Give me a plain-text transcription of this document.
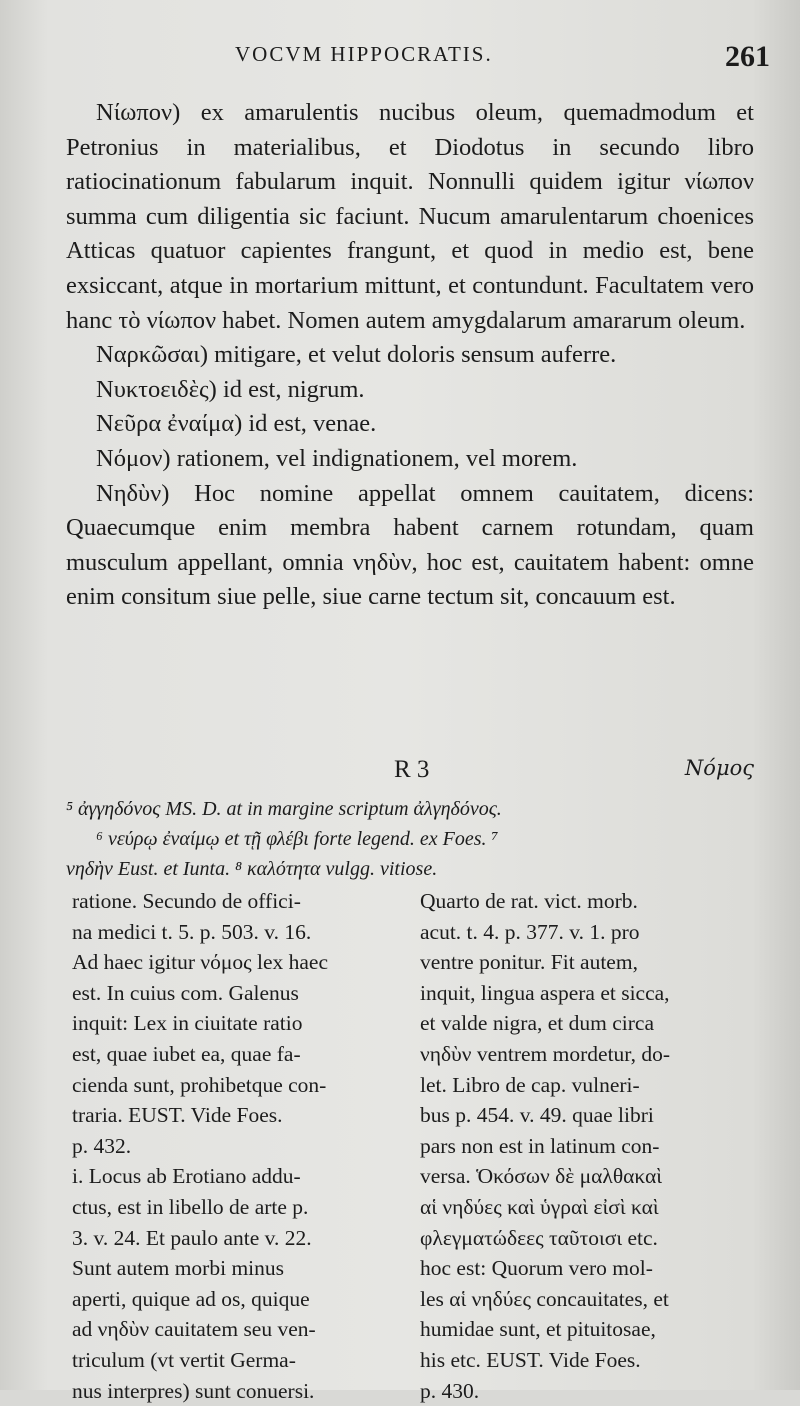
VOCVM HIPPOCRATIS.	261

Νίωπον) ex amarulentis nucibus oleum, quemadmodum et Petronius in materialibus, et Diodotus in secundo libro ratiocinationum fabularum inquit. Nonnulli quidem igitur νίωπον summa cum diligentia sic faciunt. Nucum amarulentarum choenices Atticas quatuor capientes frangunt, et quod in medio est, bene exsiccant, atque in mortarium mittunt, et contundunt. Facultatem vero hanc τὸ νίωπον habet. Nomen autem amygdalarum amararum oleum.

Ναρκῶσαι) mitigare, et velut doloris sensum auferre.

Νυκτοειδὲς) id est, nigrum.

Νεῦρα ἐναίμα) id est, venae.

Νόμον) rationem, vel indignationem, vel morem.

Νηδὺν) Hoc nomine appellat omnem cauitatem, dicens: Quaecumque enim membra habent carnem rotundam, quam musculum appellant, omnia νηδὺν, hoc est, cauitatem habent: omne enim consitum siue pelle, siue carne tectum sit, concauum est.

R 3	Νόμος
⁵ ἀγγηδόνος MS. D. at in margine scriptum ἀλγηδόνος.
⁶ νεύρῳ ἐναίμῳ et τῇ φλέβι forte legend. ex Foes. ⁷
νηδὴν Eust. et Iunta. ⁸ καλότητα vulgg. vitiose.
ratione. Secundo de offici-
na medici t. 5. p. 503. v. 16.
Ad haec igitur νόμος lex haec
est. In cuius com. Galenus
inquit: Lex in ciuitate ratio
est, quae iubet ea, quae fa-
cienda sunt, prohibetque con-
traria. EUST. Vide Foes.
p. 432.
i. Locus ab Erotiano addu-
ctus, est in libello de arte p.
3. v. 24. Et paulo ante v. 22.
Sunt autem morbi minus
aperti, quique ad os, quique
ad νηδὺν cauitatem seu ven-
triculum (vt vertit Germa-
nus interpres) sunt conuersi.
Quarto de rat. vict. morb.
acut. t. 4. p. 377. v. 1. pro
ventre ponitur. Fit autem,
inquit, lingua aspera et sicca,
et valde nigra, et dum circa
νηδὺν ventrem mordetur, do-
let. Libro de cap. vulneri-
bus p. 454. v. 49. quae libri
pars non est in latinum con-
versa. Ὁκόσων δὲ μαλθακαὶ
αἱ νηδύες καὶ ὑγραὶ εἰσὶ καὶ
φλεγματώδεες ταῦτοισι etc.
hoc est: Quorum vero mol-
les αἱ νηδύες concauitates, et
humidae sunt, et pituitosae,
his etc. EUST. Vide Foes.
p. 430.
